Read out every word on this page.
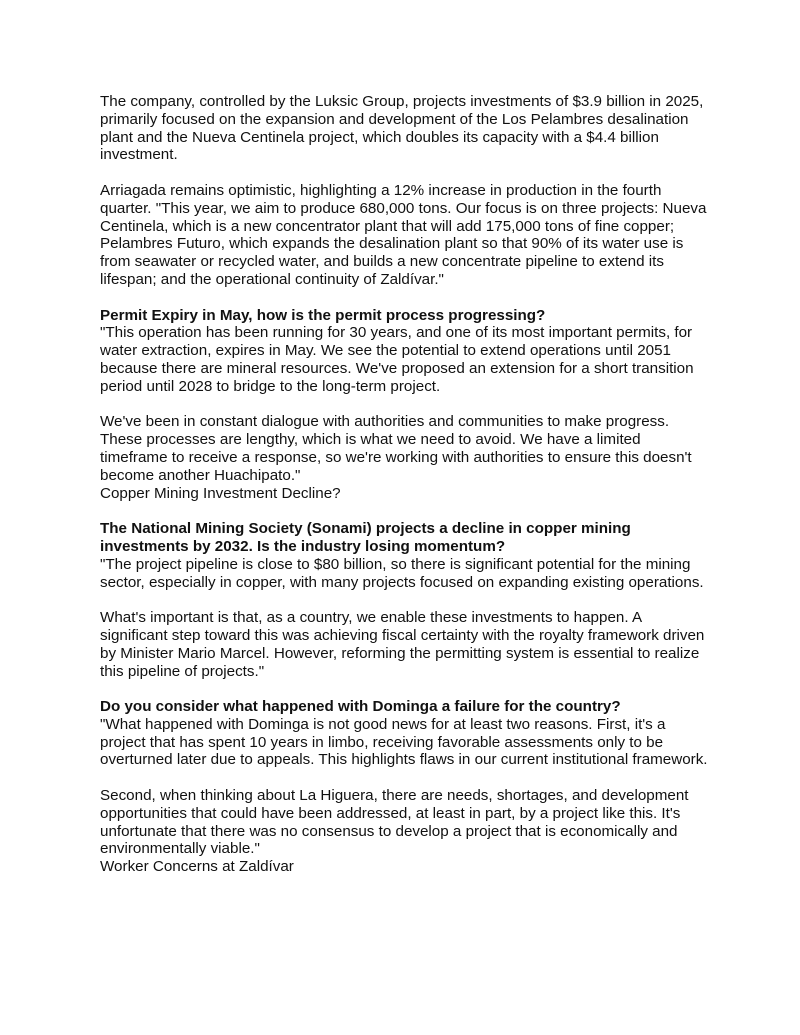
The company, controlled by the Luksic Group, projects investments of $3.9 billion in 2025, primarily focused on the expansion and development of the Los Pelambres desalination plant and the Nueva Centinela project, which doubles its capacity with a $4.4 billion investment.

Arriagada remains optimistic, highlighting a 12% increase in production in the fourth quarter. "This year, we aim to produce 680,000 tons. Our focus is on three projects: Nueva Centinela, which is a new concentrator plant that will add 175,000 tons of fine copper; Pelambres Futuro, which expands the desalination plant so that 90% of its water use is from seawater or recycled water, and builds a new concentrate pipeline to extend its lifespan; and the operational continuity of Zaldívar."

Permit Expiry in May, how is the permit process progressing?
"This operation has been running for 30 years, and one of its most important permits, for water extraction, expires in May. We see the potential to extend operations until 2051 because there are mineral resources. We've proposed an extension for a short transition period until 2028 to bridge to the long-term project.
We've been in constant dialogue with authorities and communities to make progress. These processes are lengthy, which is what we need to avoid. We have a limited timeframe to receive a response, so we're working with authorities to ensure this doesn't become another Huachipato."
Copper Mining Investment Decline?
The National Mining Society (Sonami) projects a decline in copper mining investments by 2032. Is the industry losing momentum?
"The project pipeline is close to $80 billion, so there is significant potential for the mining sector, especially in copper, with many projects focused on expanding existing operations.
What's important is that, as a country, we enable these investments to happen. A significant step toward this was achieving fiscal certainty with the royalty framework driven by Minister Mario Marcel. However, reforming the permitting system is essential to realize this pipeline of projects."
Do you consider what happened with Dominga a failure for the country?
"What happened with Dominga is not good news for at least two reasons. First, it's a project that has spent 10 years in limbo, receiving favorable assessments only to be overturned later due to appeals. This highlights flaws in our current institutional framework.
Second, when thinking about La Higuera, there are needs, shortages, and development opportunities that could have been addressed, at least in part, by a project like this. It's unfortunate that there was no consensus to develop a project that is economically and environmentally viable."
Worker Concerns at Zaldívar
